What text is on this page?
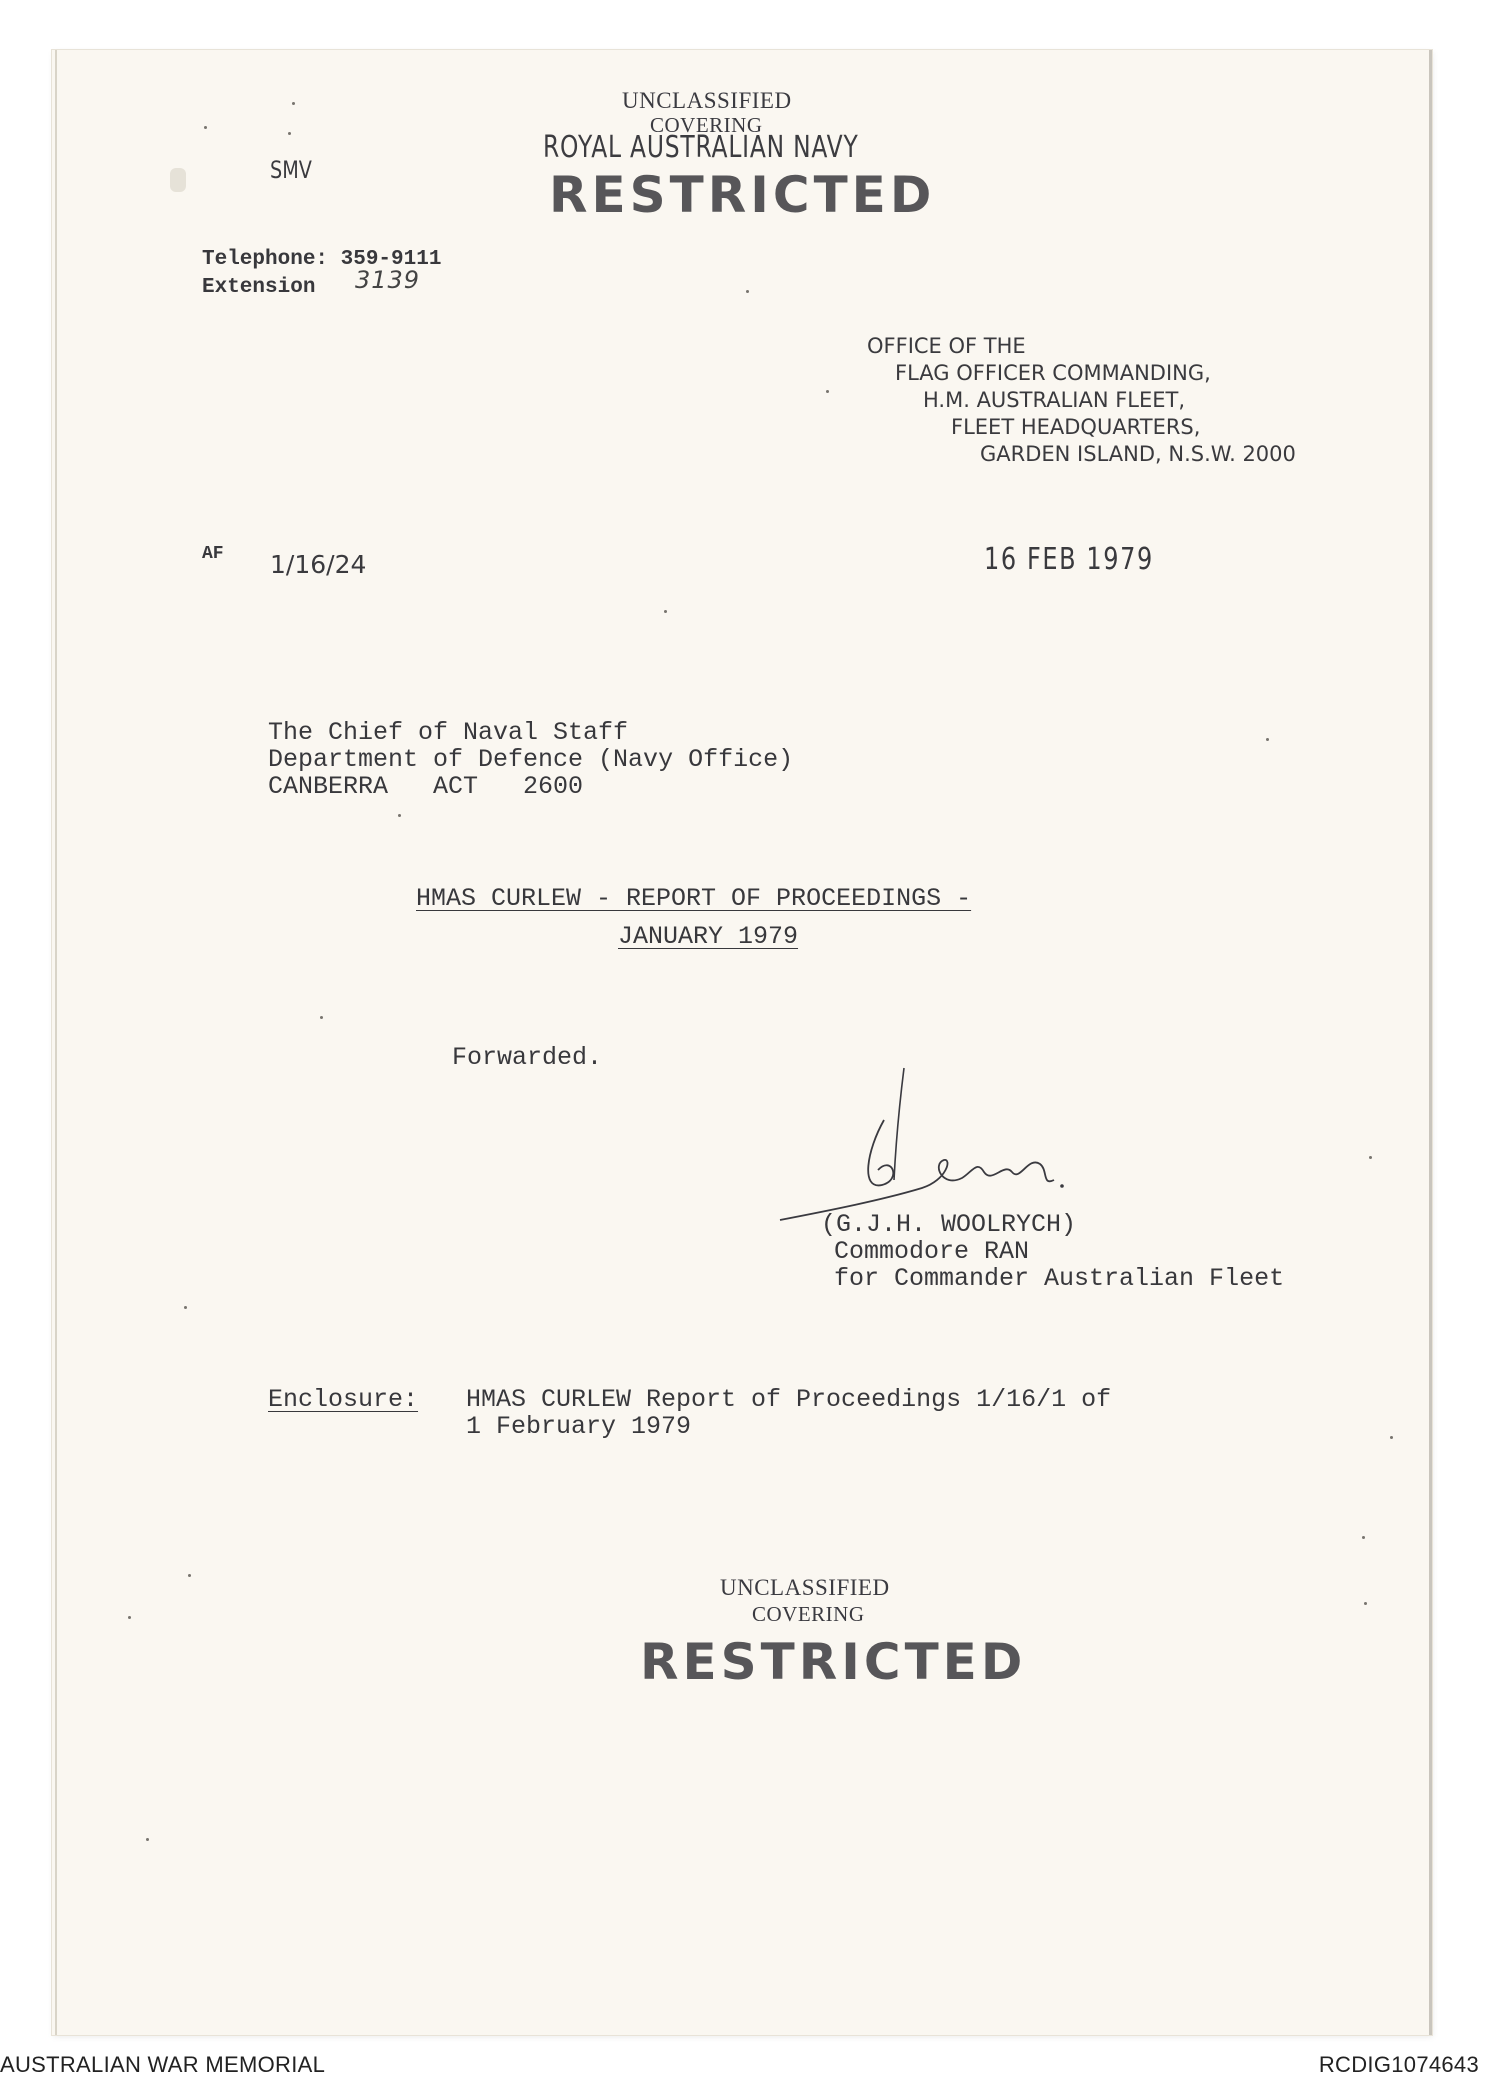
UNCLASSIFIED
COVERING
ROYAL AUSTRALIAN NAVY
RESTRICTED
SMV
Telephone: 359-9111
Extension 3139
OFFICE OF THE
FLAG OFFICER COMMANDING,
H.M. AUSTRALIAN FLEET,
FLEET HEADQUARTERS,
GARDEN ISLAND, N.S.W. 2000
AF 1/16/24	16 FEB 1979
The Chief of Naval Staff
Department of Defence (Navy Office)
CANBERRA   ACT   2600
HMAS CURLEW - REPORT OF PROCEEDINGS -
JANUARY 1979
Forwarded.
(G.J.H. WOOLRYCH)
Commodore RAN
for Commander Australian Fleet
Enclosure: HMAS CURLEW Report of Proceedings 1/16/1 of
1 February 1979
UNCLASSIFIED
COVERING
RESTRICTED
AUSTRALIAN WAR MEMORIAL	RCDIG1074643
